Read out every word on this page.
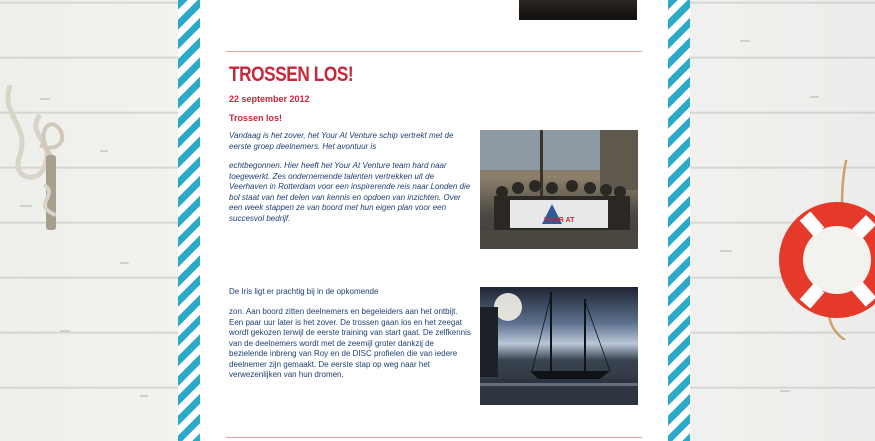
TROSSEN LOS!
22 september 2012
Trossen los!
Vandaag is het zover, het Your At Venture schip vertrekt met de eerste groep deelnemers. Het avontuur is
echtbegonnen. Hier heeft het Your At Venture team hard naar toegewerkt. Zes ondernemende talenten vertrekken uit de Veerhaven in Rotterdam voor een inspirerende reis naar Londen die bol staat van het delen van kennis en opdoen van inzichten. Over een week stappen ze van boord met hun eigen plan voor een succesvol bedrijf.	YOUR AT
De Iris ligt er prachtig bij in de opkomende
zon. Aan boord zitten deelnemers en begeleiders aan het ontbijt. Een paar uur later is het zover. De trossen gaan los en het zeegat wordt gekozen terwijl de eerste training van start gaat. De zelfkennis van de deelnemers wordt met de zeemijl groter dankzij de bezielende inbreng van Roy en de DISC profielen die van iedere deelnemer zijn gemaakt. De eerste stap op weg naar het verwezenlijken van hun dromen.
